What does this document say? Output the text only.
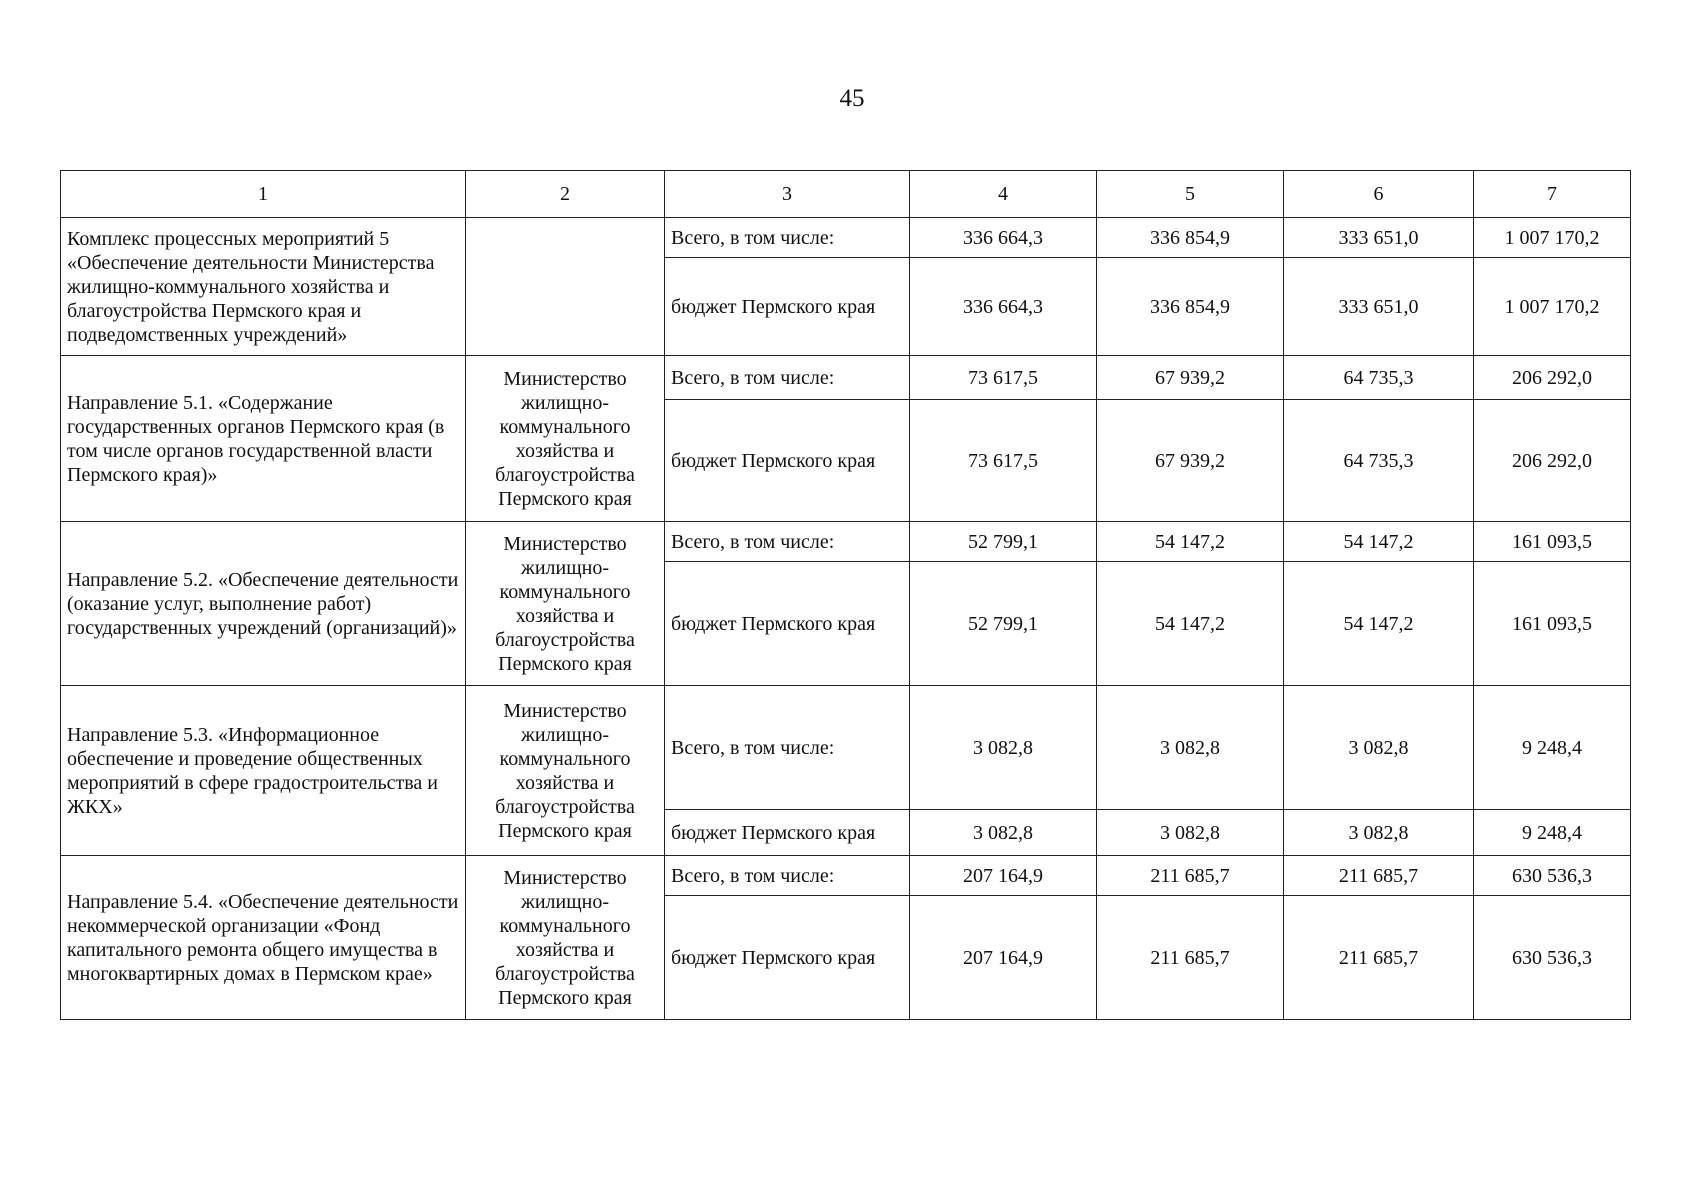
45
1	2	3	4	5	6	7

Комплекс процессных мероприятий 5 «Обеспечение деятельности Министерства жилищно-коммунального хозяйства и благоустройства Пермского края и подведомственных учреждений»		Всего, в том числе:	336 664,3	336 854,9	333 651,0	1 007 170,2
		бюджет Пермского края	336 664,3	336 854,9	333 651,0	1 007 170,2

Направление 5.1. «Содержание государственных органов Пермского края (в том числе органов государственной власти Пермского края)»	Министерство жилищно-коммунального хозяйства и благоустройства Пермского края	Всего, в том числе:	73 617,5	67 939,2	64 735,3	206 292,0
		бюджет Пермского края	73 617,5	67 939,2	64 735,3	206 292,0

Направление 5.2. «Обеспечение деятельности (оказание услуг, выполнение работ) государственных учреждений (организаций)»	Министерство жилищно-коммунального хозяйства и благоустройства Пермского края	Всего, в том числе:	52 799,1	54 147,2	54 147,2	161 093,5
		бюджет Пермского края	52 799,1	54 147,2	54 147,2	161 093,5

Направление 5.3. «Информационное обеспечение и проведение общественных мероприятий в сфере градостроительства и ЖКХ»	Министерство жилищно-коммунального хозяйства и благоустройства Пермского края	Всего, в том числе:	3 082,8	3 082,8	3 082,8	9 248,4
		бюджет Пермского края	3 082,8	3 082,8	3 082,8	9 248,4

Направление 5.4. «Обеспечение деятельности некоммерческой организации «Фонд капитального ремонта общего имущества в многоквартирных домах в Пермском крае»	Министерство жилищно-коммунального хозяйства и благоустройства Пермского края	Всего, в том числе:	207 164,9	211 685,7	211 685,7	630 536,3
		бюджет Пермского края	207 164,9	211 685,7	211 685,7	630 536,3
